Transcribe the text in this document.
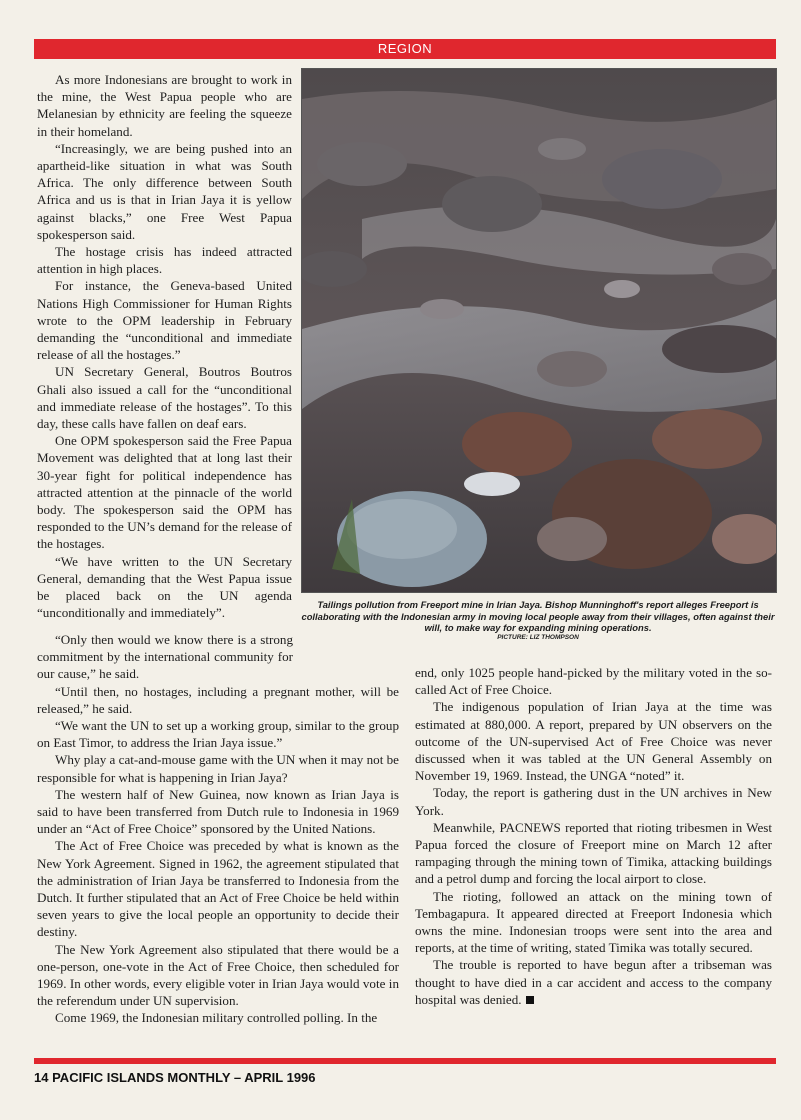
REGION

As more Indonesians are brought to work in the mine, the West Papua people who are Melanesian by ethnicity are feeling the squeeze in their homeland.

“Increasingly, we are being pushed into an apartheid-like situation in what was South Africa. The only difference between South Africa and us is that in Irian Jaya it is yellow against blacks,” one Free West Papua spokesperson said.

The hostage crisis has indeed attracted attention in high places.

For instance, the Geneva-based United Nations High Commissioner for Human Rights wrote to the OPM leadership in February demanding the “unconditional and immediate release of all the hostages.”

UN Secretary General, Boutros Boutros Ghali also issued a call for the “unconditional and immediate release of the hostages”. To this day, these calls have fallen on deaf ears.

One OPM spokesperson said the Free Papua Movement was delighted that at long last their 30-year fight for political independence has attracted attention at the pinnacle of the world body. The spokesperson said the OPM has responded to the UN’s demand for the release of the hostages.

“We have written to the UN Secretary General, demanding that the West Papua issue be placed back on the UN agenda “unconditionally and immediately”.

Tailings pollution from Freeport mine in Irian Jaya. Bishop Munninghoff's report alleges Freeport is collaborating with the Indonesian army in moving local people away from their villages, often against their will, to make way for expanding mining operations.
PICTURE: LIZ THOMPSON

“Only then would we know there is a strong commitment by the international community for our cause,” he said.

“Until then, no hostages, including a pregnant mother, will be released,” he said.

“We want the UN to set up a working group, similar to the group on East Timor, to address the Irian Jaya issue.”

Why play a cat-and-mouse game with the UN when it may not be responsible for what is happening in Irian Jaya?

The western half of New Guinea, now known as Irian Jaya is said to have been transferred from Dutch rule to Indonesia in 1969 under an “Act of Free Choice” sponsored by the United Nations.

The Act of Free Choice was preceded by what is known as the New York Agreement. Signed in 1962, the agreement stipulated that the administration of Irian Jaya be transferred to Indonesia from the Dutch. It further stipulated that an Act of Free Choice be held within seven years to give the local people an opportunity to decide their destiny.

The New York Agreement also stipulated that there would be a one-person, one-vote in the Act of Free Choice, then scheduled for 1969. In other words, every eligible voter in Irian Jaya would vote in the referendum under UN supervision.

Come 1969, the Indonesian military controlled polling. In the

end, only 1025 people hand-picked by the military voted in the so-called Act of Free Choice.

The indigenous population of Irian Jaya at the time was estimated at 880,000. A report, prepared by UN observers on the outcome of the UN-supervised Act of Free Choice was never discussed when it was tabled at the UN General Assembly on November 19, 1969. Instead, the UNGA “noted” it.

Today, the report is gathering dust in the UN archives in New York.

Meanwhile, PACNEWS reported that rioting tribesmen in West Papua forced the closure of Freeport mine on March 12 after rampaging through the mining town of Timika, attacking buildings and a petrol dump and forcing the local airport to close.

The rioting, followed an attack on the mining town of Tembagapura. It appeared directed at Freeport Indonesia which owns the mine. Indonesian troops were sent into the area and reports, at the time of writing, stated Timika was totally secured.

The trouble is reported to have begun after a tribseman was thought to have died in a car accident and access to the company hospital was denied.

14 PACIFIC ISLANDS MONTHLY – APRIL 1996
